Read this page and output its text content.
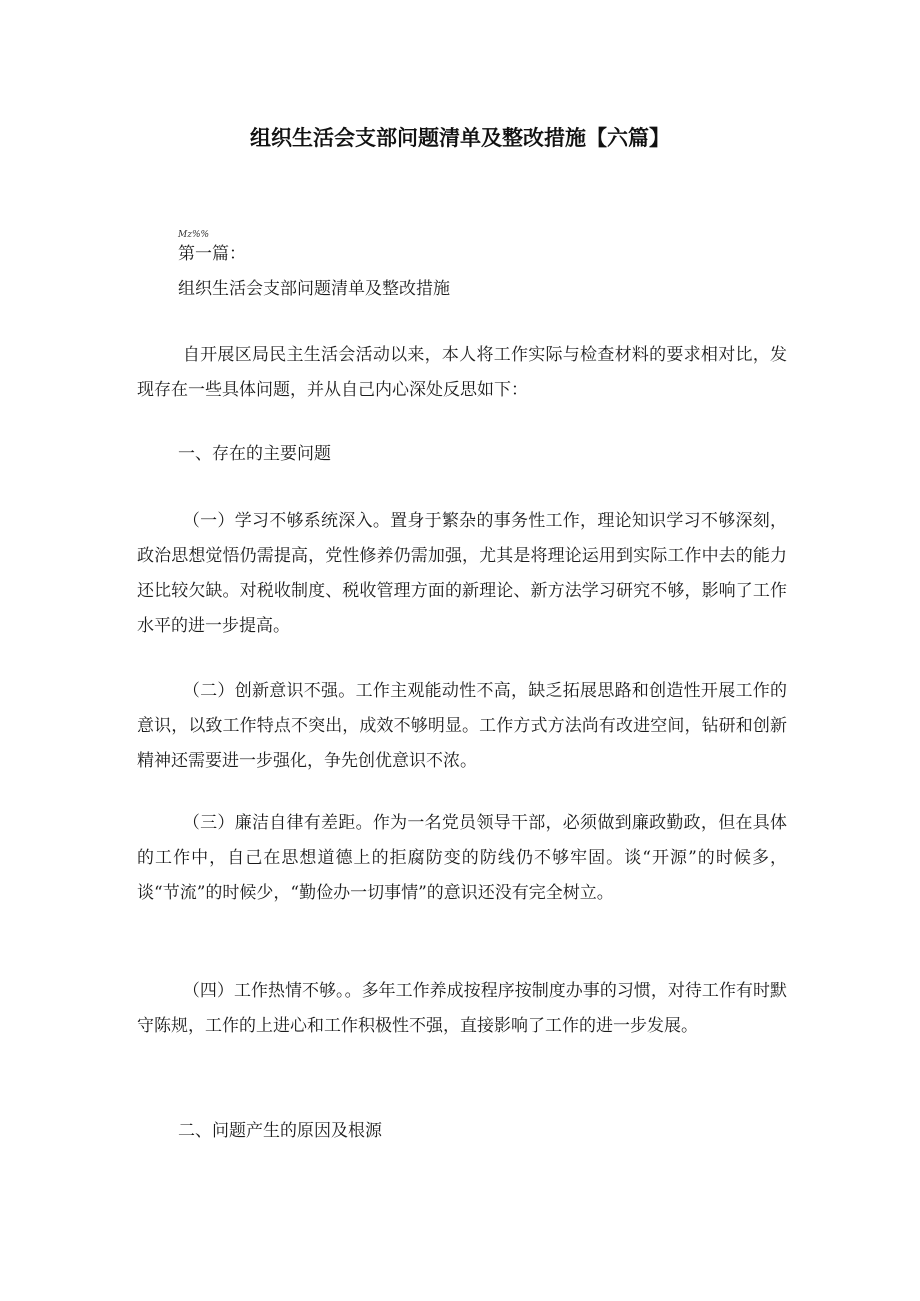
组织生活会支部问题清单及整改措施【六篇】
Mz%%
第一篇：
组织生活会支部问题清单及整改措施
自开展区局民主生活会活动以来，本人将工作实际与检查材料的要求相对比，发现存在一些具体问题，并从自己内心深处反思如下：
一、存在的主要问题
（一）学习不够系统深入。置身于繁杂的事务性工作，理论知识学习不够深刻，政治思想觉悟仍需提高，党性修养仍需加强，尤其是将理论运用到实际工作中去的能力还比较欠缺。对税收制度、税收管理方面的新理论、新方法学习研究不够，影响了工作水平的进一步提高。
（二）创新意识不强。工作主观能动性不高，缺乏拓展思路和创造性开展工作的意识，以致工作特点不突出，成效不够明显。工作方式方法尚有改进空间，钻研和创新精神还需要进一步强化，争先创优意识不浓。
（三）廉洁自律有差距。作为一名党员领导干部，必须做到廉政勤政，但在具体的工作中，自己在思想道德上的拒腐防变的防线仍不够牢固。谈“开源”的时候多，谈“节流”的时候少，“勤俭办一切事情”的意识还没有完全树立。
（四）工作热情不够。。多年工作养成按程序按制度办事的习惯，对待工作有时默守陈规，工作的上进心和工作积极性不强，直接影响了工作的进一步发展。
二、问题产生的原因及根源
